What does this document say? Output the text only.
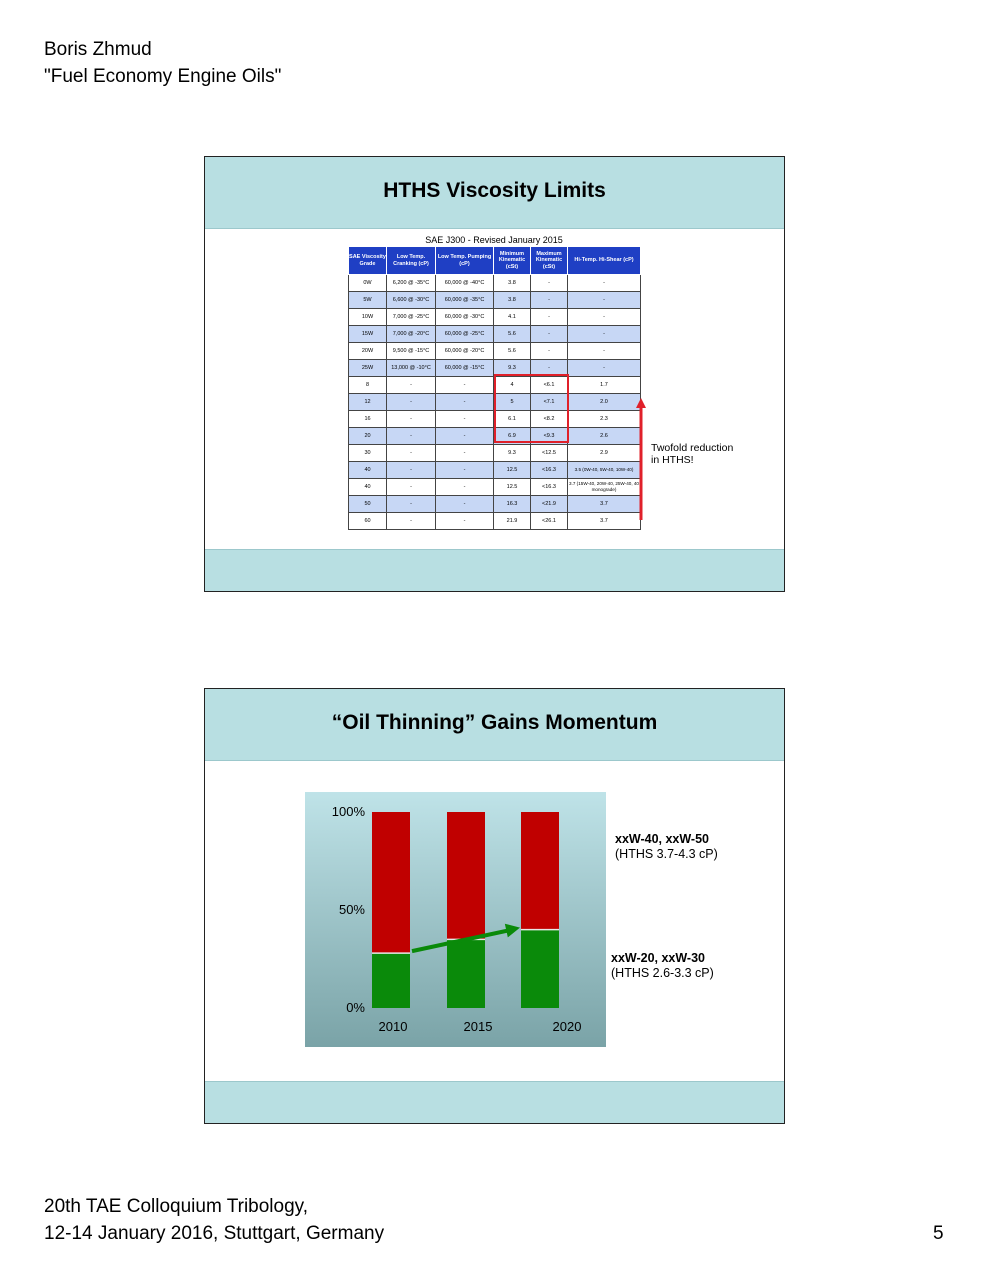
Boris Zhmud
"Fuel Economy Engine Oils"
HTHS Viscosity Limits
SAE J300 - Revised January 2015
SAE Viscosity Grade	Low Temp. Cranking (cP)	Low Temp. Pumping (cP)	Minimum Kinematic (cSt)	Maximum Kinematic (cSt)	Hi-Temp. Hi-Shear (cP)
0W	6,200 @ -35°C	60,000 @ -40°C	3.8	-	-
5W	6,600 @ -30°C	60,000 @ -35°C	3.8	-	-
10W	7,000 @ -25°C	60,000 @ -30°C	4.1	-	-
15W	7,000 @ -20°C	60,000 @ -25°C	5.6	-	-
20W	9,500 @ -15°C	60,000 @ -20°C	5.6	-	-
25W	13,000 @ -10°C	60,000 @ -15°C	9.3	-	-
8	-	-	4	<6.1	1.7
12	-	-	5	<7.1	2.0
16	-	-	6.1	<8.2	2.3
20	-	-	6.9	<9.3	2.6
30	-	-	9.3	<12.5	2.9
40	-	-	12.5	<16.3	3.5 (0W-40, 5W-40, 10W-40)
40	-	-	12.5	<16.3	3.7 (15W-40, 20W-40, 25W-40, 40 monograde)
50	-	-	16.3	<21.9	3.7
60	-	-	21.9	<26.1	3.7
Twofold reduction
in HTHS!
“Oil Thinning” Gains Momentum
0%
50%
100%
2010	2015	2020
xxW-40, xxW-50
(HTHS 3.7-4.3 cP)
xxW-20, xxW-30
(HTHS 2.6-3.3 cP)
20th TAE Colloquium Tribology,
12-14 January 2016, Stuttgart, Germany	5
